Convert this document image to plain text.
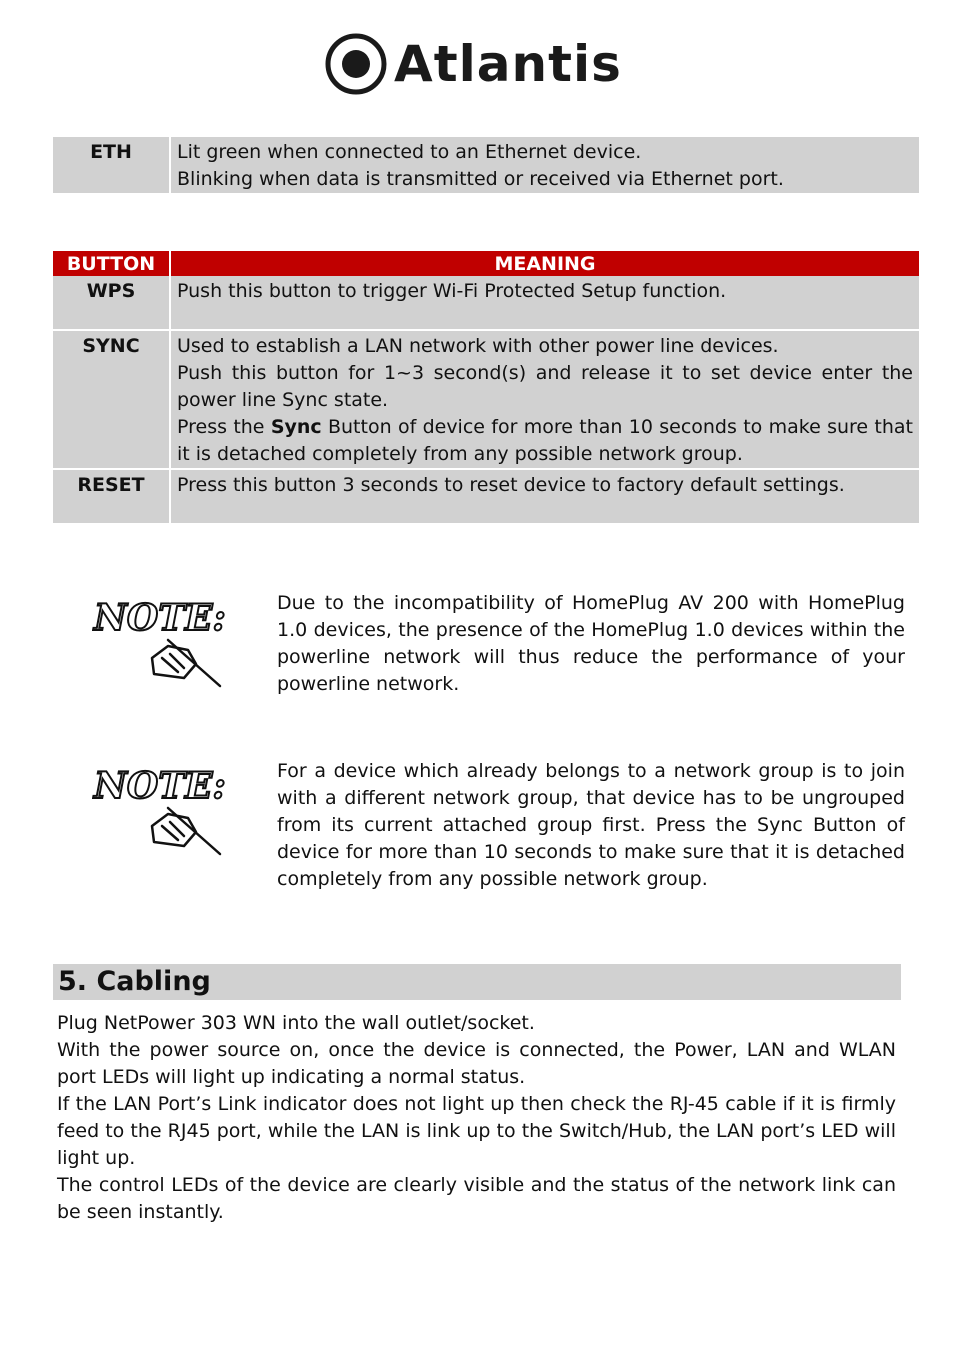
Atlantis
ETH	Lit green when connected to an Ethernet device.
Blinking when data is transmitted or received via Ethernet port.
BUTTON	MEANING
WPS	Push this button to trigger Wi-Fi Protected Setup function.
SYNC	Used to establish a LAN network with other power line devices.
Push this button for 1~3 second(s) and release it to set device enter the power line Sync state.
Press the Sync Button of device for more than 10 seconds to make sure that it is detached completely from any possible network group.

RESET	Press this button 3 seconds to reset device to factory default settings.
NOTE:	Due to the incompatibility of HomePlug AV 200 with HomePlug 1.0 devices, the presence of the HomePlug 1.0 devices within the powerline network will thus reduce the performance of your powerline network.

NOTE:	For a device which already belongs to a network group is to join with a different network group, that device has to be ungrouped from its current attached group first. Press the Sync Button of device for more than 10 seconds to make sure that it is detached completely from any possible network group.

5. Cabling

Plug NetPower 303 WN into the wall outlet/socket.

With the power source on, once the device is connected, the Power, LAN and WLAN port LEDs will light up indicating a normal status.

If the LAN Port’s Link indicator does not light up then check the RJ-45 cable if it is firmly feed to the RJ45 port, while the LAN is link up to the Switch/Hub, the LAN port’s LED will light up.

The control LEDs of the device are clearly visible and the status of the network link can be seen instantly.
